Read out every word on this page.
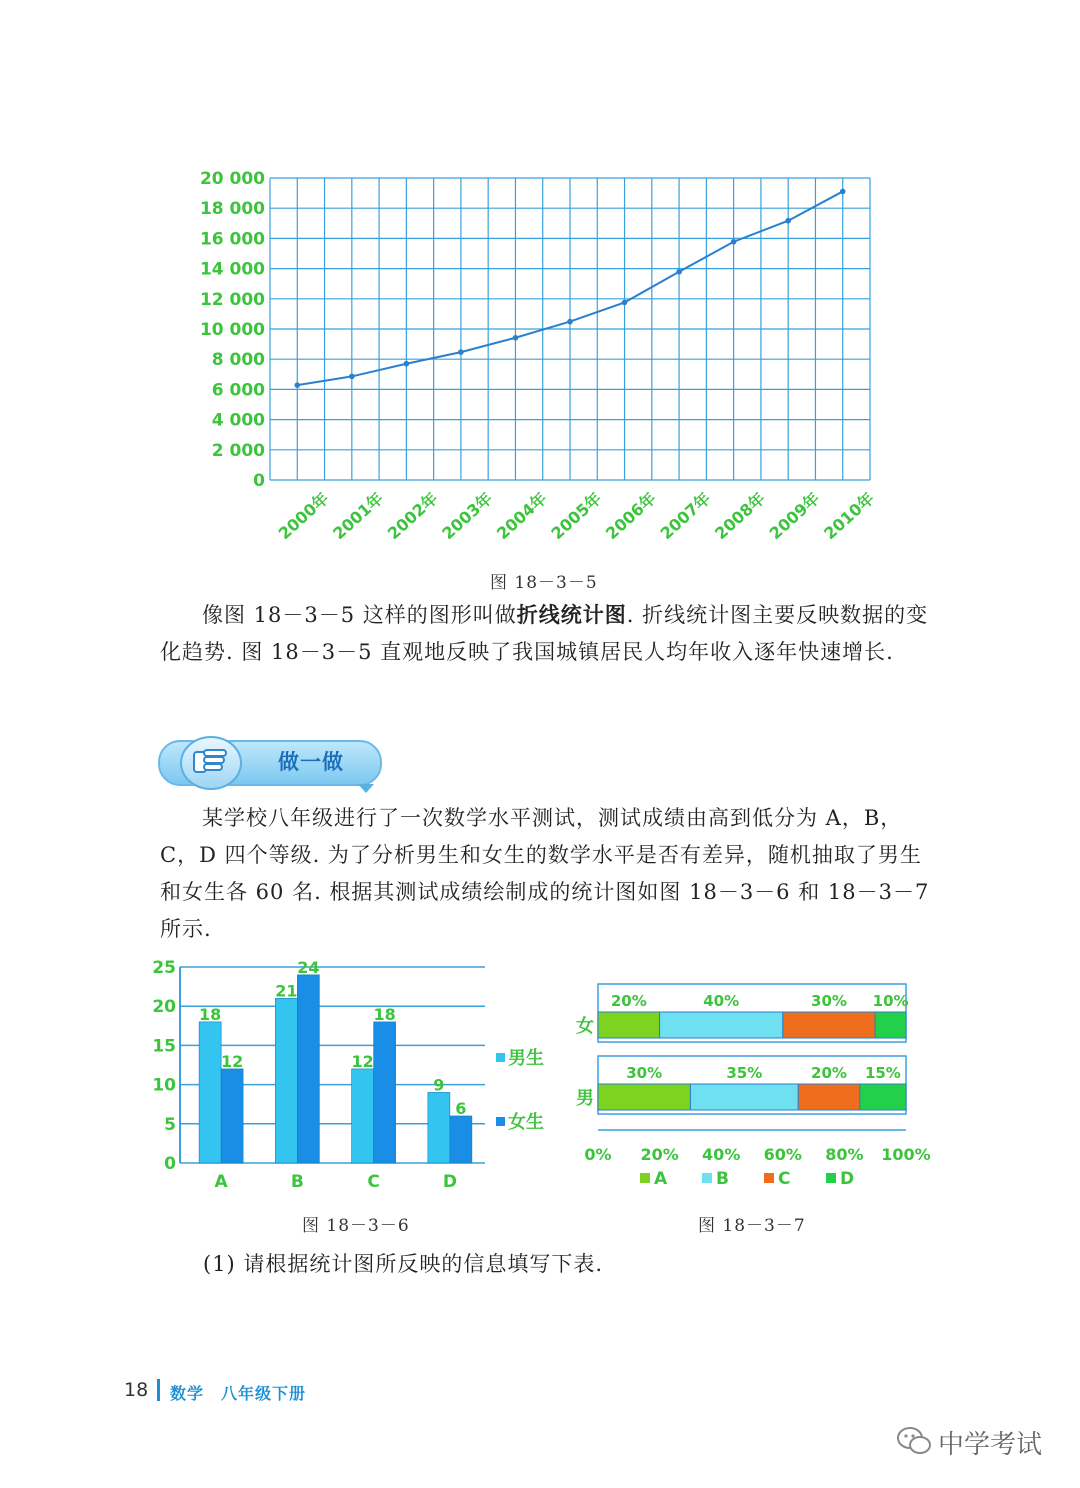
20 000
18 000
16 000
14 000
12 000
10 000
8 000
6 000
4 000
2 000
0
2000年
2001年
2002年
2003年
2004年
2005年
2006年
2007年
2008年
2009年
2010年
图 18－3－5
像图 18－3－5 这样的图形叫做折线统计图. 折线统计图主要反映数据的变化趋势. 图 18－3－5 直观地反映了我国城镇居民人均年收入逐年快速增长.
做一做
某学校八年级进行了一次数学水平测试，测试成绩由高到低分为 A，B，C，D 四个等级. 为了分析男生和女生的数学水平是否有差异，随机抽取了男生和女生各 60 名. 根据其测试成绩绘制成的统计图如图 18－3－6 和 18－3－7 所示.
0
5
10
15
20
25
18
12
21
24
12
18
9
6
A	B	C	D
男生
女生
图 18－3－6
女
20%	40%	30% 10%
男
30%	35%	20% 15%
0% 20% 40% 60% 80% 100%
A	B	C	D
图 18－3－7
(1) 请根据统计图所反映的信息填写下表.
18 数学　八年级下册
中学考试
